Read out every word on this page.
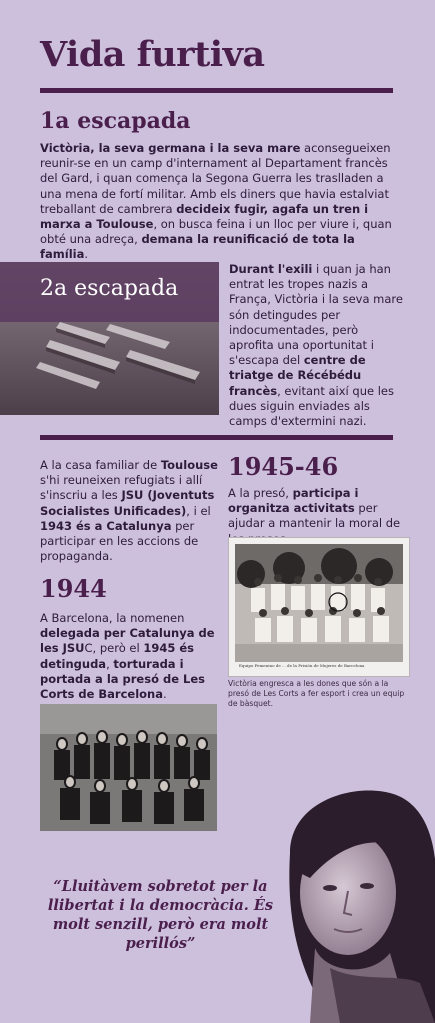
Vida furtiva
1a escapada
Victòria, la seva germana i la seva mare aconsegueixen reunir-se en un camp d'internament al Departament francès del Gard, i quan comença la Segona Guerra les traslladen a una mena de fortí militar. Amb els diners que havia estalviat treballant de cambrera decideix fugir, agafa un tren i marxa a Toulouse, on busca feina i un lloc per viure i, quan obté una adreça, demana la reunificació de tota la família.
2a escapada
Durant l'exili i quan ja han entrat les tropes nazis a França, Victòria i la seva mare són detingudes per indocumentades, però aprofita una oportunitat i s'escapa del centre de triatge de Récébédu francès, evitant així que les dues siguin enviades als camps d'extermini nazi.
A la casa familiar de Toulouse s'hi reuneixen refugiats i allí s'inscriu a les JSU (Joventuts Socialistes Unificades), i el 1943 és a Catalunya per participar en les accions de propaganda.
1944
A Barcelona, la nomenen delegada per Catalunya de les JSUC, però el 1945 és detinguda, torturada i portada a la presó de Les Corts de Barcelona.
1945-46
A la presó, participa i organitza activitats per ajudar a mantenir la moral de
Equipo Femenino de ... de la Prisión de Mujeres de Barcelona
Victòria engresca a les dones que són a la presó de Les Corts a fer esport i crea un equip de bàsquet.
“Lluitàvem sobretot per la llibertat i la democràcia. És molt senzill, però era molt perillós”
